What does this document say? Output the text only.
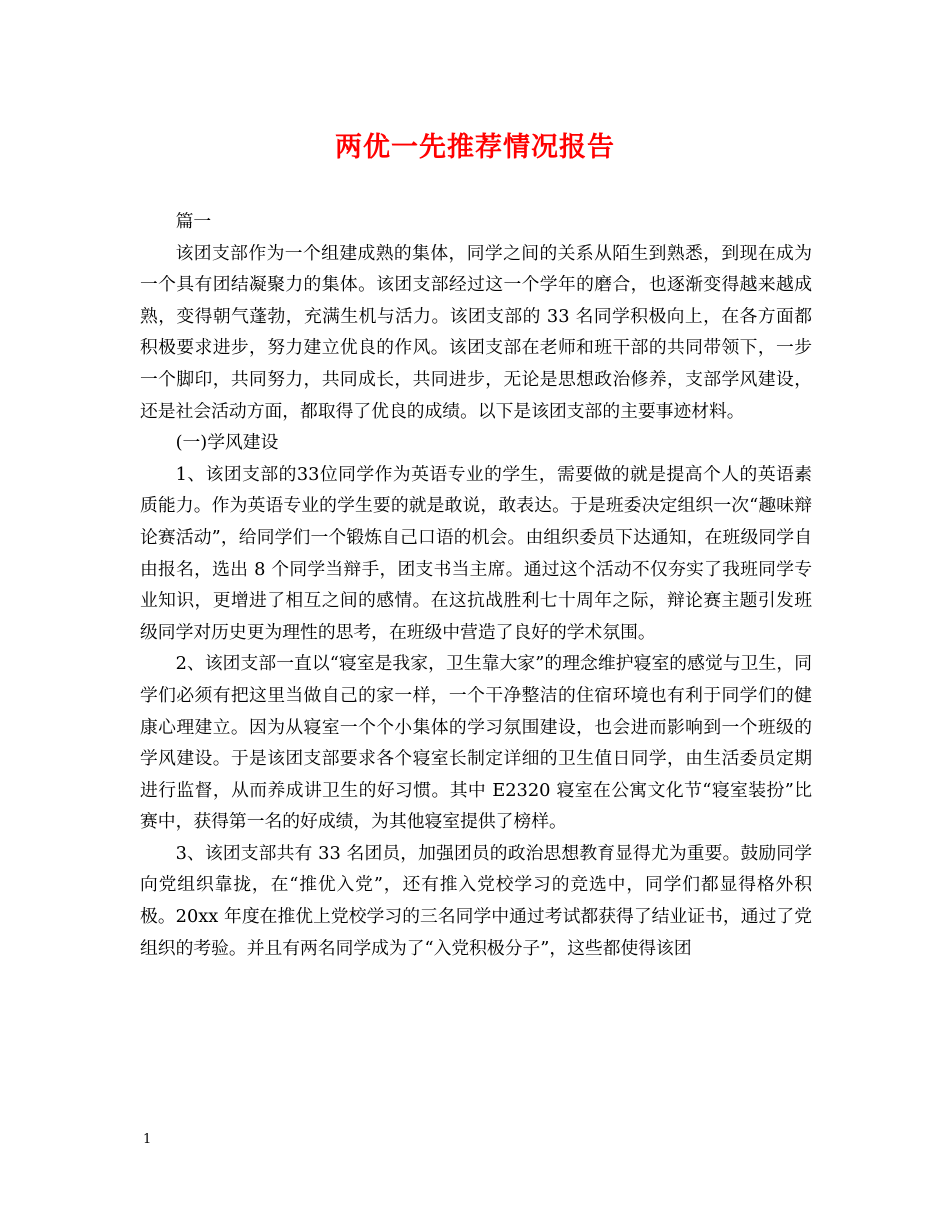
两优一先推荐情况报告

篇一

该团支部作为一个组建成熟的集体，同学之间的关系从陌生到熟悉，到现在成为一个具有团结凝聚力的集体。该团支部经过这一个学年的磨合，也逐渐变得越来越成熟，变得朝气蓬勃，充满生机与活力。该团支部的 33 名同学积极向上，在各方面都积极要求进步，努力建立优良的作风。该团支部在老师和班干部的共同带领下，一步一个脚印，共同努力，共同成长，共同进步，无论是思想政治修养，支部学风建设，还是社会活动方面，都取得了优良的成绩。以下是该团支部的主要事迹材料。

(一)学风建设

1、该团支部的33位同学作为英语专业的学生，需要做的就是提高个人的英语素质能力。作为英语专业的学生要的就是敢说，敢表达。于是班委决定组织一次“趣味辩论赛活动”，给同学们一个锻炼自己口语的机会。由组织委员下达通知，在班级同学自由报名，选出 8 个同学当辩手，团支书当主席。通过这个活动不仅夯实了我班同学专业知识，更增进了相互之间的感情。在这抗战胜利七十周年之际，辩论赛主题引发班级同学对历史更为理性的思考，在班级中营造了良好的学术氛围。

2、该团支部一直以“寝室是我家，卫生靠大家”的理念维护寝室的感觉与卫生，同学们必须有把这里当做自己的家一样，一个干净整洁的住宿环境也有利于同学们的健康心理建立。因为从寝室一个个小集体的学习氛围建设，也会进而影响到一个班级的学风建设。于是该团支部要求各个寝室长制定详细的卫生值日同学，由生活委员定期进行监督，从而养成讲卫生的好习惯。其中 E2320 寝室在公寓文化节“寝室装扮”比赛中，获得第一名的好成绩，为其他寝室提供了榜样。

3、该团支部共有 33 名团员，加强团员的政治思想教育显得尤为重要。鼓励同学向党组织靠拢，在“推优入党”，还有推入党校学习的竞选中，同学们都显得格外积极。20xx 年度在推优上党校学习的三名同学中通过考试都获得了结业证书，通过了党组织的考验。并且有两名同学成为了“入党积极分子”，这些都使得该团

1
